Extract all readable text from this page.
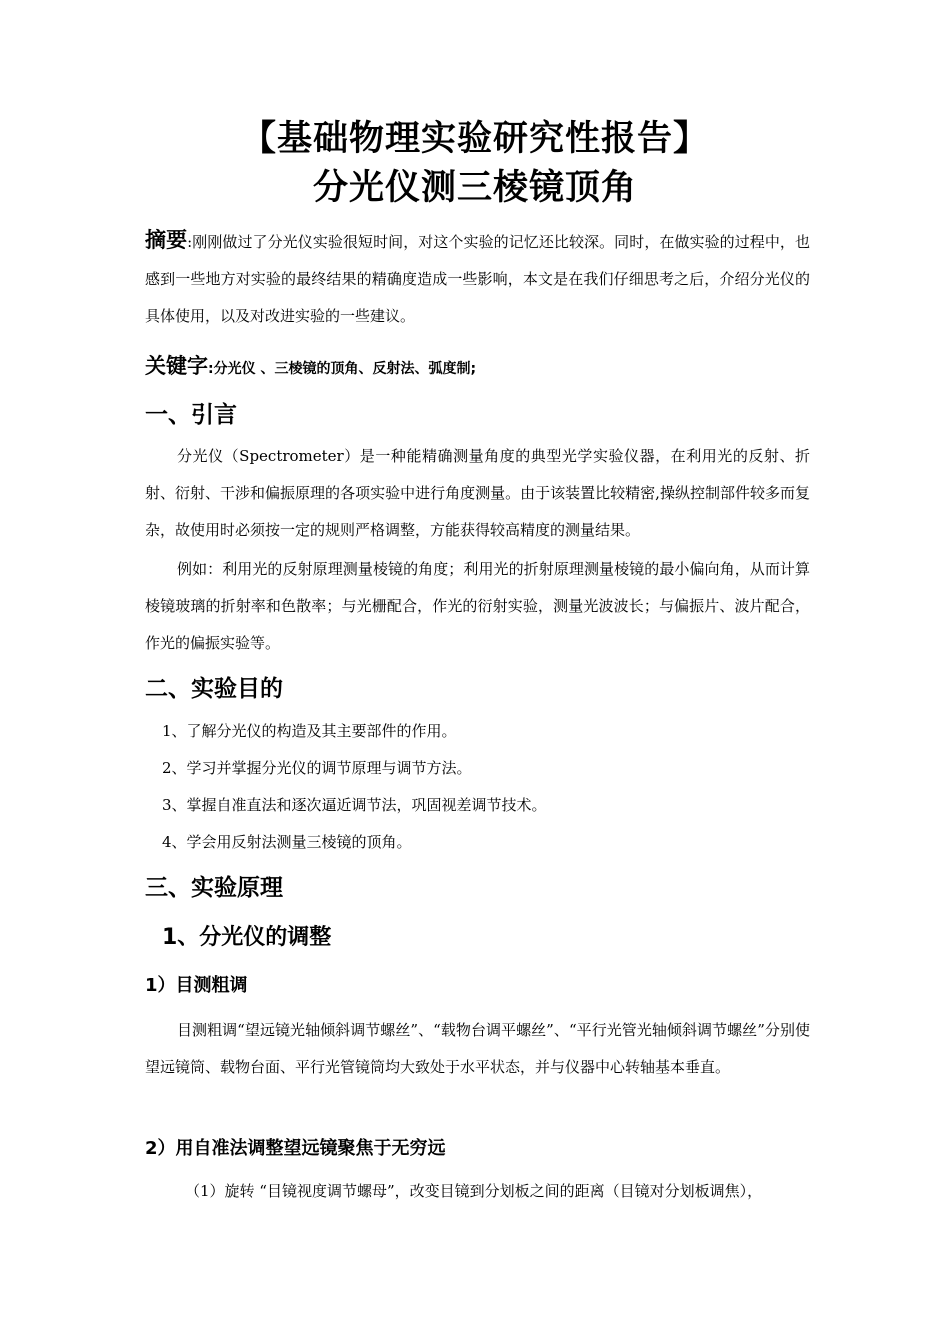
【基础物理实验研究性报告】
分光仪测三棱镜顶角
摘要:刚刚做过了分光仪实验很短时间，对这个实验的记忆还比较深。同时，在做实验的过程中，也感到一些地方对实验的最终结果的精确度造成一些影响，本文是在我们仔细思考之后，介绍分光仪的具体使用，以及对改进实验的一些建议。
关键字:分光仪 、三棱镜的顶角、反射法、弧度制;
一、引言
分光仪（Spectrometer）是一种能精确测量角度的典型光学实验仪器，在利用光的反射、折射、衍射、干涉和偏振原理的各项实验中进行角度测量。由于该装置比较精密,操纵控制部件较多而复杂，故使用时必须按一定的规则严格调整，方能获得较高精度的测量结果。
例如：利用光的反射原理测量棱镜的角度；利用光的折射原理测量棱镜的最小偏向角，从而计算棱镜玻璃的折射率和色散率；与光栅配合，作光的衍射实验，测量光波波长；与偏振片、波片配合，作光的偏振实验等。
二、实验目的
1、了解分光仪的构造及其主要部件的作用。
2、学习并掌握分光仪的调节原理与调节方法。
3、掌握自准直法和逐次逼近调节法，巩固视差调节技术。
4、学会用反射法测量三棱镜的顶角。
三、实验原理
1、分光仪的调整
1）目测粗调
目测粗调“望远镜光轴倾斜调节螺丝”、“载物台调平螺丝”、“平行光管光轴倾斜调节螺丝”分别使望远镜筒、载物台面、平行光管镜筒均大致处于水平状态，并与仪器中心转轴基本垂直。
2）用自准法调整望远镜聚焦于无穷远
（1）旋转 “目镜视度调节螺母”，改变目镜到分划板之间的距离（目镜对分划板调焦），
